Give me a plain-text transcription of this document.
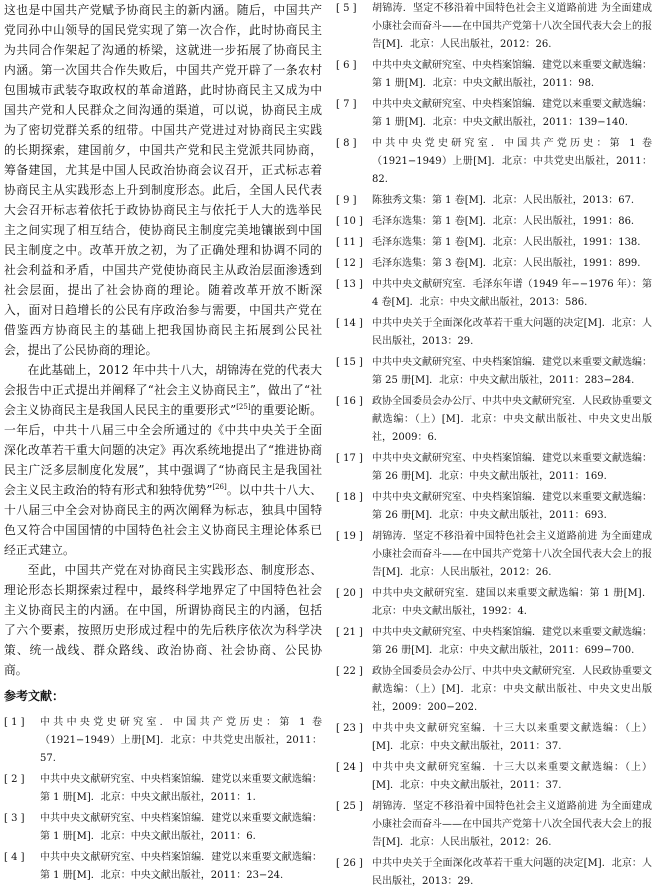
这也是中国共产党赋予协商民主的新内涵。随后，中国共产党同孙中山领导的国民党实现了第一次合作，此时协商民主为共同合作架起了沟通的桥梁，这就进一步拓展了协商民主内涵。第一次国共合作失败后，中国共产党开辟了一条农村包围城市武装夺取政权的革命道路，此时协商民主又成为中国共产党和人民群众之间沟通的渠道，可以说，协商民主成为了密切党群关系的纽带。中国共产党进过对协商民主实践的长期探索，建国前夕，中国共产党和民主党派共同协商，筹备建国，尤其是中国人民政治协商会议召开，正式标志着协商民主从实践形态上升到制度形态。此后，全国人民代表大会召开标志着依托于政协协商民主与依托于人大的选举民主之间实现了相互结合，使协商民主制度完美地镶嵌到中国民主制度之中。改革开放之初，为了正确处理和协调不同的社会利益和矛盾，中国共产党使协商民主从政治层面渗透到社会层面，提出了社会协商的理论。随着改革开放不断深入，面对日趋增长的公民有序政治参与需要，中国共产党在借鉴西方协商民主的基础上把我国协商民主拓展到公民社会，提出了公民协商的理论。

在此基础上，2012 年中共十八大，胡锦涛在党的代表大会报告中正式提出并阐释了“社会主义协商民主”，做出了“社会主义协商民主是我国人民民主的重要形式”[25]的重要论断。一年后，中共十八届三中全会所通过的《中共中央关于全面深化改革若干重大问题的决定》再次系统地提出了“推进协商民主广泛多层制度化发展”，其中强调了“协商民主是我国社会主义民主政治的特有形式和独特优势”[26]。以中共十八大、十八届三中全会对协商民主的两次阐释为标志，独具中国特色又符合中国国情的中国特色社会主义协商民主理论体系已经正式建立。

至此，中国共产党在对协商民主实践形态、制度形态、理论形态长期探索过程中，最终科学地界定了中国特色社会主义协商民主的内涵。在中国，所谓协商民主的内涵，包括了六个要素，按照历史形成过程中的先后秩序依次为科学决策、统一战线、群众路线、政治协商、社会协商、公民协商。

参考文献：
[ 1 ]	中共中央党史研究室．中国共产党历史：第 1 卷（1921−1949）上册[M]．北京：中共党史出版社，2011：57.
[ 2 ]	中共中央文献研究室、中央档案馆编．建党以来重要文献选编：第 1 册[M]．北京：中央文献出版社，2011：1.
[ 3 ]	中共中央文献研究室、中央档案馆编．建党以来重要文献选编：第 1 册[M]．北京：中央文献出版社，2011：6.
[ 4 ]	中共中央文献研究室、中央档案馆编．建党以来重要文献选编：第 1 册[M]．北京：中央文献出版社，2011：23−24.
[ 5 ]	胡锦涛．坚定不移沿着中国特色社会主义道路前进 为全面建成小康社会而奋斗——在中国共产党第十八次全国代表大会上的报告[M]．北京：人民出版社，2012：26.
[ 6 ]	中共中央文献研究室、中央档案馆编．建党以来重要文献选编：第 1 册[M]．北京：中央文献出版社，2011：98.
[ 7 ]	中共中央文献研究室、中央档案馆编．建党以来重要文献选编：第 1 册[M]．北京：中央文献出版社，2011：139−140.
[ 8 ]	中共中央党史研究室．中国共产党历史：第 1 卷（1921−1949）上册[M]．北京：中共党史出版社，2011：82.
[ 9 ]	陈独秀文集：第 1 卷[M]．北京：人民出版社，2013：67.
[ 10 ] 毛泽东选集：第 1 卷[M]．北京：人民出版社，1991：86.
[ 11 ] 毛泽东选集：第 1 卷[M]．北京：人民出版社，1991：138.
[ 12 ] 毛泽东选集：第 3 卷[M]．北京：人民出版社，1991：899.
[ 13 ] 中共中央文献研究室．毛泽东年谱（1949 年−−1976 年）：第 4 卷[M]．北京：中央文献出版社，2013：586.
[ 14 ] 中共中央关于全面深化改革若干重大问题的决定[M]．北京：人民出版社，2013：29.
[ 15 ] 中共中央文献研究室、中央档案馆编．建党以来重要文献选编：第 25 册[M]．北京：中央文献出版社，2011：283−284.
[ 16 ] 政协全国委员会办公厅、中共中央文献研究室．人民政协重要文献选编：（上）[M]．北京：中央文献出版社、中央文史出版社，2009：6.
[ 17 ] 中共中央文献研究室、中央档案馆编．建党以来重要文献选编：第 26 册[M]．北京：中央文献出版社，2011：169.
[ 18 ] 中共中央文献研究室、中央档案馆编．建党以来重要文献选编：第 26 册[M]．北京：中央文献出版社，2011：693.
[ 19 ] 胡锦涛．坚定不移沿着中国特色社会主义道路前进 为全面建成小康社会而奋斗——在中国共产党第十八次全国代表大会上的报告[M]．北京：人民出版社，2012：26.
[ 20 ] 中共中央文献研究室．建国以来重要文献选编：第 1 册[M]．北京：中央文献出版社，1992：4.
[ 21 ] 中共中央文献研究室、中央档案馆编．建党以来重要文献选编：第 26 册[M]．北京：中央文献出版社，2011：699−700.
[ 22 ] 政协全国委员会办公厅、中共中央文献研究室．人民政协重要文献选编：（上）[M]．北京：中央文献出版社、中央文史出版社，2009：200−202.
[ 23 ] 中共中央文献研究室编．十三大以来重要文献选编：（上）[M]．北京：中央文献出版社，2011：37.
[ 24 ] 中共中央文献研究室编．十三大以来重要文献选编：（上）[M]．北京：中央文献出版社，2011：37.
[ 25 ] 胡锦涛．坚定不移沿着中国特色社会主义道路前进 为全面建成小康社会而奋斗——在中国共产党第十八次全国代表大会上的报告[M]．北京：人民出版社，2012：26.
[ 26 ] 中共中央关于全面深化改革若干重大问题的决定[M]．北京：人民出版社，2013：29.
